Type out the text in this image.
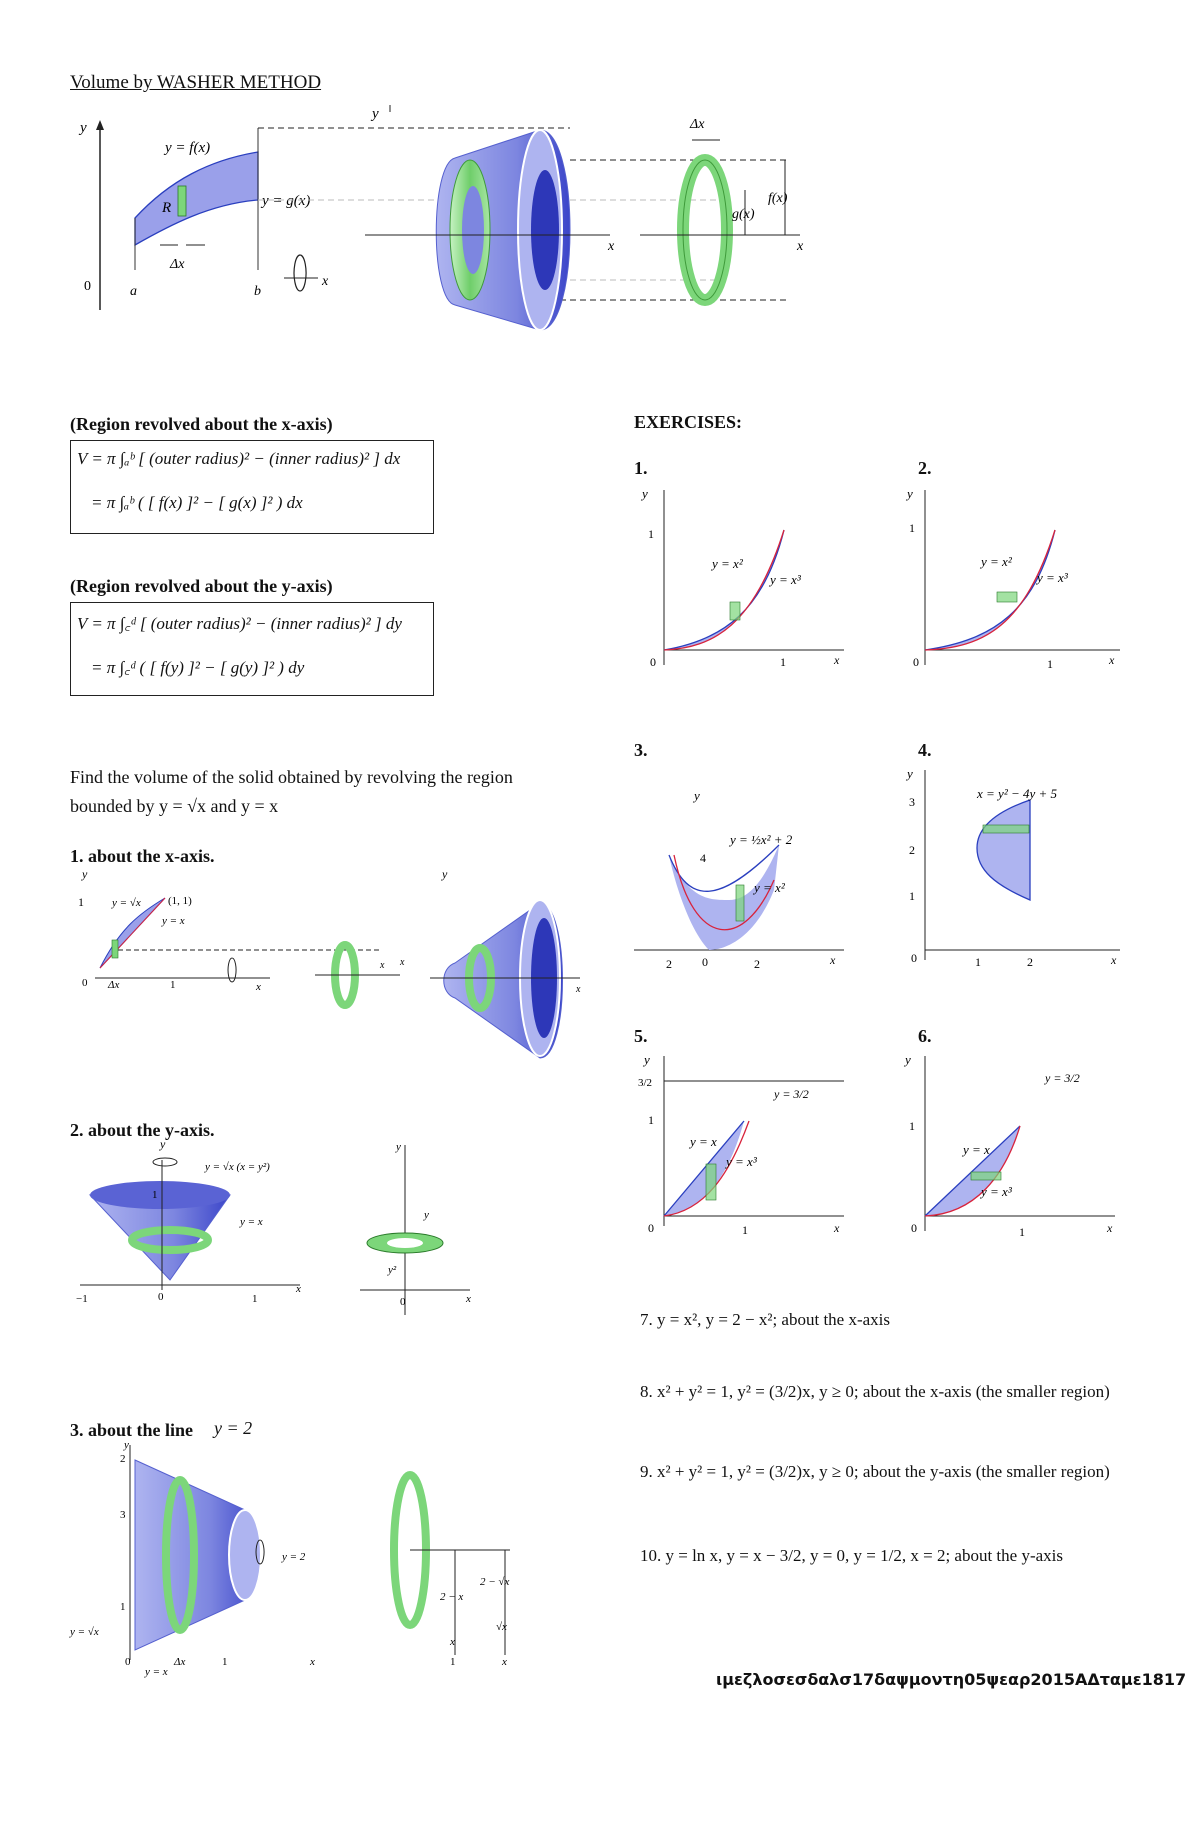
Volume by WASHER METHOD
y
0
y = f(x)
y = g(x)
R
Δx
a	b
x
y
x	x
Δx
f(x)
g(x)
(Region revolved about the x-axis)
V = π ∫ₐᵇ [ (outer radius)² − (inner radius)² ] dx
= π ∫ₐᵇ ( [ f(x) ]² − [ g(x) ]² ) dx
(Region revolved about the y-axis)
V = π ∫꜀ᵈ [ (outer radius)² − (inner radius)² ] dy
= π ∫꜀ᵈ ( [ f(y) ]² − [ g(y) ]² ) dy
Find the volume of the solid obtained by revolving the region
bounded by y = √x and y = x
1. about the x-axis.
y
1	y = √x (1, 1)
y = x
0 Δx	1	x
x x
y
x
2. about the y-axis.
y
y = √x (x = y²)
y = x
1
−1	0	1
x
y
0	x
y
y²
3. about the line y = 2
y
2
3
1
y = 2
y = √x
y = x
0	Δx	1	x
2 − x
2 − √x
1
√x
x
x
EXERCISES:
1.
y
1
y = x²
y = x³
0	1	x
2.
y
1
y = x²
y = x³
0	1	x
3.
y
4
y = ½x² + 2
y = x²
2	0	2	x
4.
y
x = y² − 4y + 5
3
2
1
0	1	2	x
5.
y
3/2
1
y = 3/2
y = x
y = x³
0	1	x
6.
y
1
y = 3/2
y = x
y = x³
0	1	x
7. y = x², y = 2 − x²; about the x-axis
8. x² + y² = 1, y² = (3/2)x, y ≥ 0; about the x-axis (the smaller region)
9. x² + y² = 1, y² = (3/2)x, y ≥ 0; about the y-axis (the smaller region)
10. y = ln x, y = x − 3/2, y = 0, y = 1/2, x = 2; about the y-axis
ιμεζλοσεσδαλσ17δαψμοντη05ψεαρ2015ΑΔταμε1817
